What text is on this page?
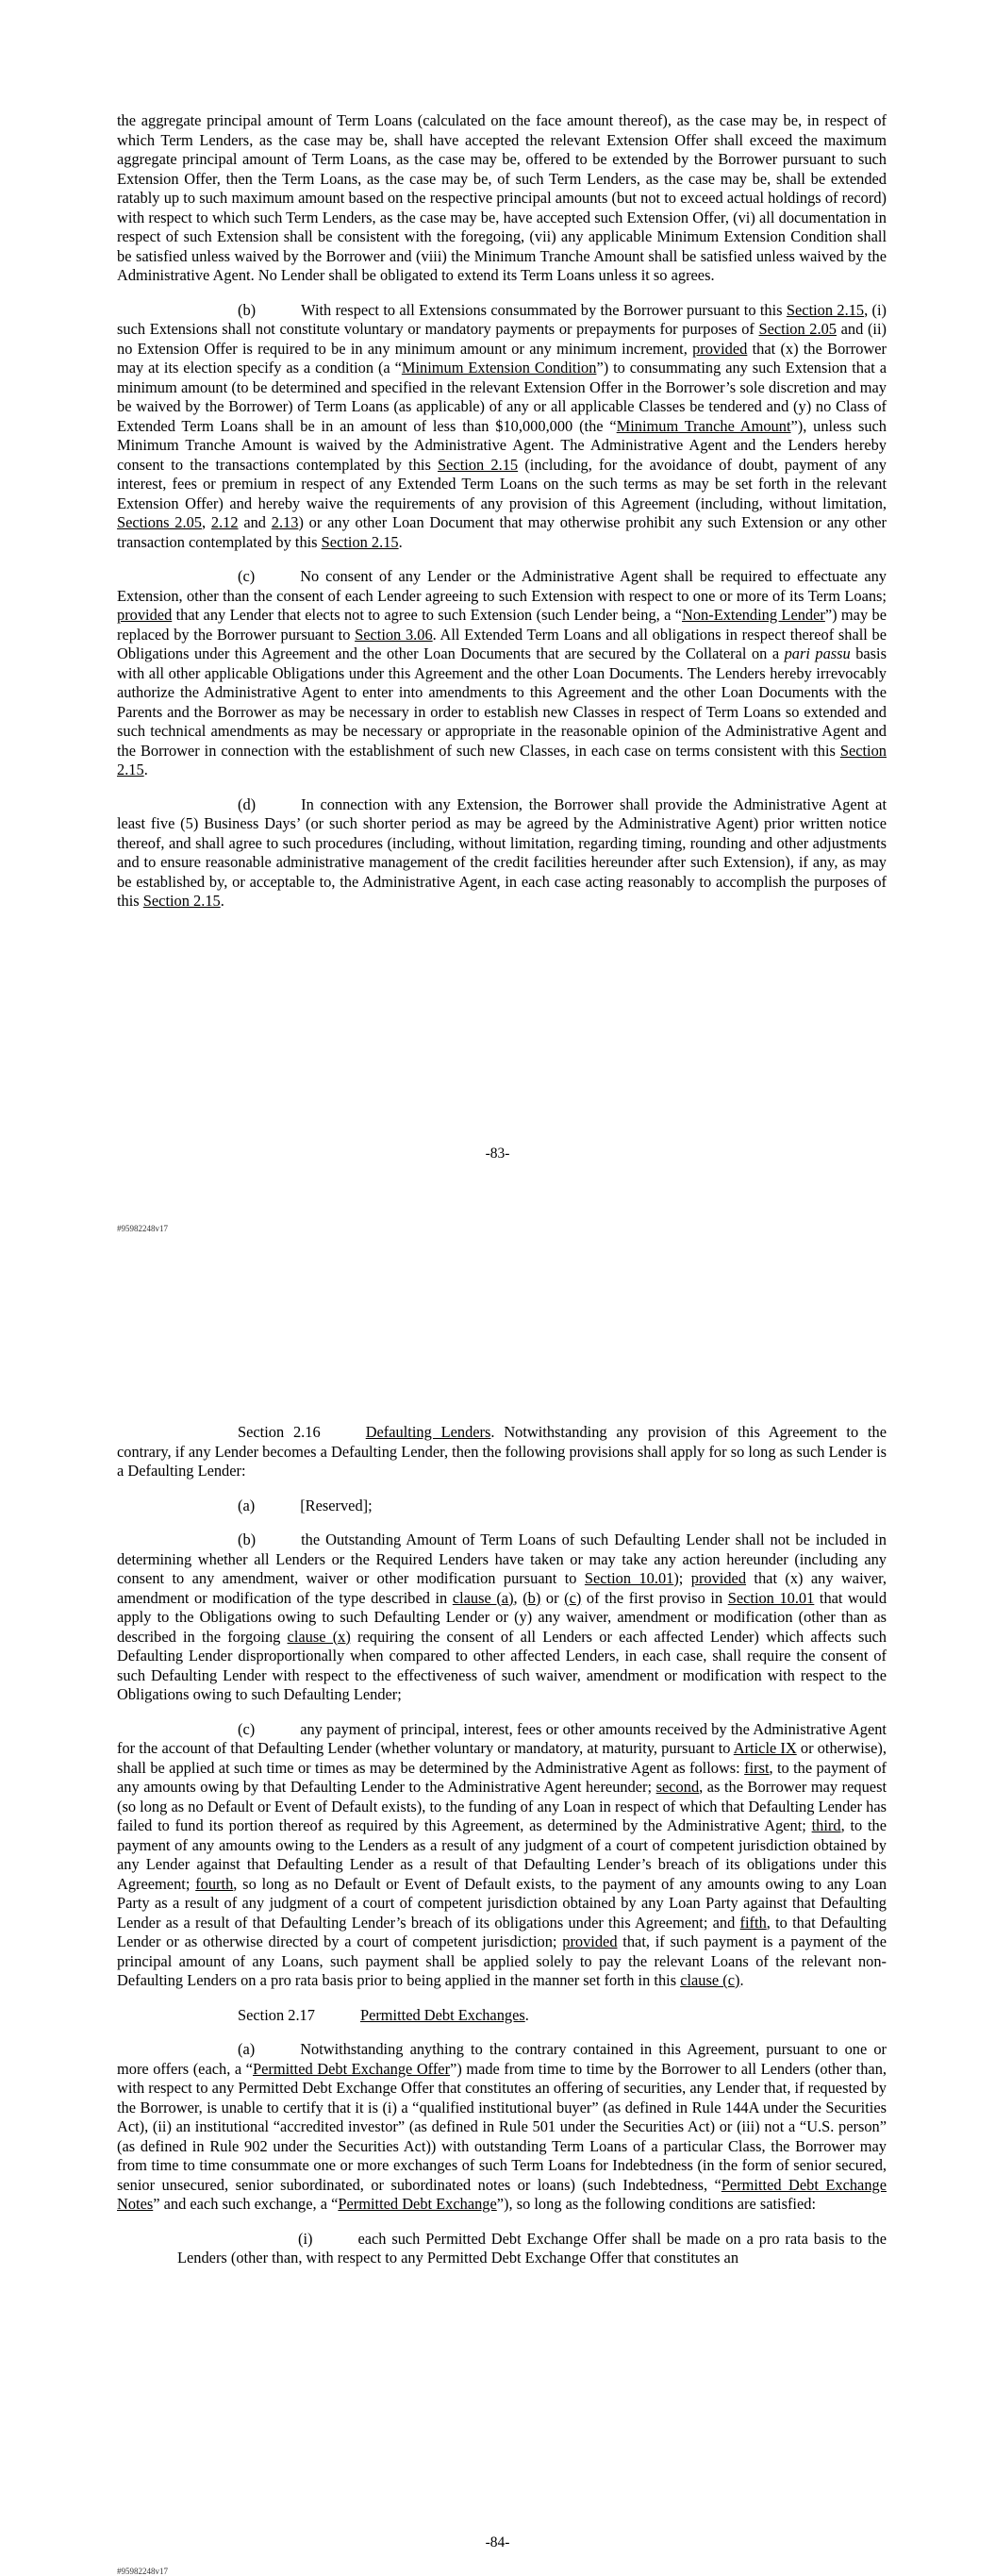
the aggregate principal amount of Term Loans (calculated on the face amount thereof), as the case may be, in respect of which Term Lenders, as the case may be, shall have accepted the relevant Extension Offer shall exceed the maximum aggregate principal amount of Term Loans, as the case may be, offered to be extended by the Borrower pursuant to such Extension Offer, then the Term Loans, as the case may be, of such Term Lenders, as the case may be, shall be extended ratably up to such maximum amount based on the respective principal amounts (but not to exceed actual holdings of record) with respect to which such Term Lenders, as the case may be, have accepted such Extension Offer, (vi) all documentation in respect of such Extension shall be consistent with the foregoing, (vii) any applicable Minimum Extension Condition shall be satisfied unless waived by the Borrower and (viii) the Minimum Tranche Amount shall be satisfied unless waived by the Administrative Agent. No Lender shall be obligated to extend its Term Loans unless it so agrees.

(b)	With respect to all Extensions consummated by the Borrower pursuant to this Section 2.15, (i) such Extensions shall not constitute voluntary or mandatory payments or prepayments for purposes of Section 2.05 and (ii) no Extension Offer is required to be in any minimum amount or any minimum increment, provided that (x) the Borrower may at its election specify as a condition (a “Minimum Extension Condition”) to consummating any such Extension that a minimum amount (to be determined and specified in the relevant Extension Offer in the Borrower’s sole discretion and may be waived by the Borrower) of Term Loans (as applicable) of any or all applicable Classes be tendered and (y) no Class of Extended Term Loans shall be in an amount of less than $10,000,000 (the “Minimum Tranche Amount”), unless such Minimum Tranche Amount is waived by the Administrative Agent. The Administrative Agent and the Lenders hereby consent to the transactions contemplated by this Section 2.15 (including, for the avoidance of doubt, payment of any interest, fees or premium in respect of any Extended Term Loans on the such terms as may be set forth in the relevant Extension Offer) and hereby waive the requirements of any provision of this Agreement (including, without limitation, Sections 2.05, 2.12 and 2.13) or any other Loan Document that may otherwise prohibit any such Extension or any other transaction contemplated by this Section 2.15.

(c)	No consent of any Lender or the Administrative Agent shall be required to effectuate any Extension, other than the consent of each Lender agreeing to such Extension with respect to one or more of its Term Loans; provided that any Lender that elects not to agree to such Extension (such Lender being, a “Non-Extending Lender”) may be replaced by the Borrower pursuant to Section 3.06. All Extended Term Loans and all obligations in respect thereof shall be Obligations under this Agreement and the other Loan Documents that are secured by the Collateral on a pari passu basis with all other applicable Obligations under this Agreement and the other Loan Documents. The Lenders hereby irrevocably authorize the Administrative Agent to enter into amendments to this Agreement and the other Loan Documents with the Parents and the Borrower as may be necessary in order to establish new Classes in respect of Term Loans so extended and such technical amendments as may be necessary or appropriate in the reasonable opinion of the Administrative Agent and the Borrower in connection with the establishment of such new Classes, in each case on terms consistent with this Section 2.15.

(d)	In connection with any Extension, the Borrower shall provide the Administrative Agent at least five (5) Business Days’ (or such shorter period as may be agreed by the Administrative Agent) prior written notice thereof, and shall agree to such procedures (including, without limitation, regarding timing, rounding and other adjustments and to ensure reasonable administrative management of the credit facilities hereunder after such Extension), if any, as may be established by, or acceptable to, the Administrative Agent, in each case acting reasonably to accomplish the purposes of this Section 2.15.

-83-
#95982248v17

Section 2.16	Defaulting Lenders. Notwithstanding any provision of this Agreement to the contrary, if any Lender becomes a Defaulting Lender, then the following provisions shall apply for so long as such Lender is a Defaulting Lender:

(a)	[Reserved];

(b)	the Outstanding Amount of Term Loans of such Defaulting Lender shall not be included in determining whether all Lenders or the Required Lenders have taken or may take any action hereunder (including any consent to any amendment, waiver or other modification pursuant to Section 10.01); provided that (x) any waiver, amendment or modification of the type described in clause (a), (b) or (c) of the first proviso in Section 10.01 that would apply to the Obligations owing to such Defaulting Lender or (y) any waiver, amendment or modification (other than as described in the forgoing clause (x) requiring the consent of all Lenders or each affected Lender) which affects such Defaulting Lender disproportionally when compared to other affected Lenders, in each case, shall require the consent of such Defaulting Lender with respect to the effectiveness of such waiver, amendment or modification with respect to the Obligations owing to such Defaulting Lender;

(c)	any payment of principal, interest, fees or other amounts received by the Administrative Agent for the account of that Defaulting Lender (whether voluntary or mandatory, at maturity, pursuant to Article IX or otherwise), shall be applied at such time or times as may be determined by the Administrative Agent as follows: first, to the payment of any amounts owing by that Defaulting Lender to the Administrative Agent hereunder; second, as the Borrower may request (so long as no Default or Event of Default exists), to the funding of any Loan in respect of which that Defaulting Lender has failed to fund its portion thereof as required by this Agreement, as determined by the Administrative Agent; third, to the payment of any amounts owing to the Lenders as a result of any judgment of a court of competent jurisdiction obtained by any Lender against that Defaulting Lender as a result of that Defaulting Lender’s breach of its obligations under this Agreement; fourth, so long as no Default or Event of Default exists, to the payment of any amounts owing to any Loan Party as a result of any judgment of a court of competent jurisdiction obtained by any Loan Party against that Defaulting Lender as a result of that Defaulting Lender’s breach of its obligations under this Agreement; and fifth, to that Defaulting Lender or as otherwise directed by a court of competent jurisdiction; provided that, if such payment is a payment of the principal amount of any Loans, such payment shall be applied solely to pay the relevant Loans of the relevant non-Defaulting Lenders on a pro rata basis prior to being applied in the manner set forth in this clause (c).

Section 2.17	Permitted Debt Exchanges.

(a)	Notwithstanding anything to the contrary contained in this Agreement, pursuant to one or more offers (each, a “Permitted Debt Exchange Offer”) made from time to time by the Borrower to all Lenders (other than, with respect to any Permitted Debt Exchange Offer that constitutes an offering of securities, any Lender that, if requested by the Borrower, is unable to certify that it is (i) a “qualified institutional buyer” (as defined in Rule 144A under the Securities Act), (ii) an institutional “accredited investor” (as defined in Rule 501 under the Securities Act) or (iii) not a “U.S. person” (as defined in Rule 902 under the Securities Act)) with outstanding Term Loans of a particular Class, the Borrower may from time to time consummate one or more exchanges of such Term Loans for Indebtedness (in the form of senior secured, senior unsecured, senior subordinated, or subordinated notes or loans) (such Indebtedness, “Permitted Debt Exchange Notes” and each such exchange, a “Permitted Debt Exchange”), so long as the following conditions are satisfied:

(i)	each such Permitted Debt Exchange Offer shall be made on a pro rata basis to the Lenders (other than, with respect to any Permitted Debt Exchange Offer that constitutes an

-84-
#95982248v17
